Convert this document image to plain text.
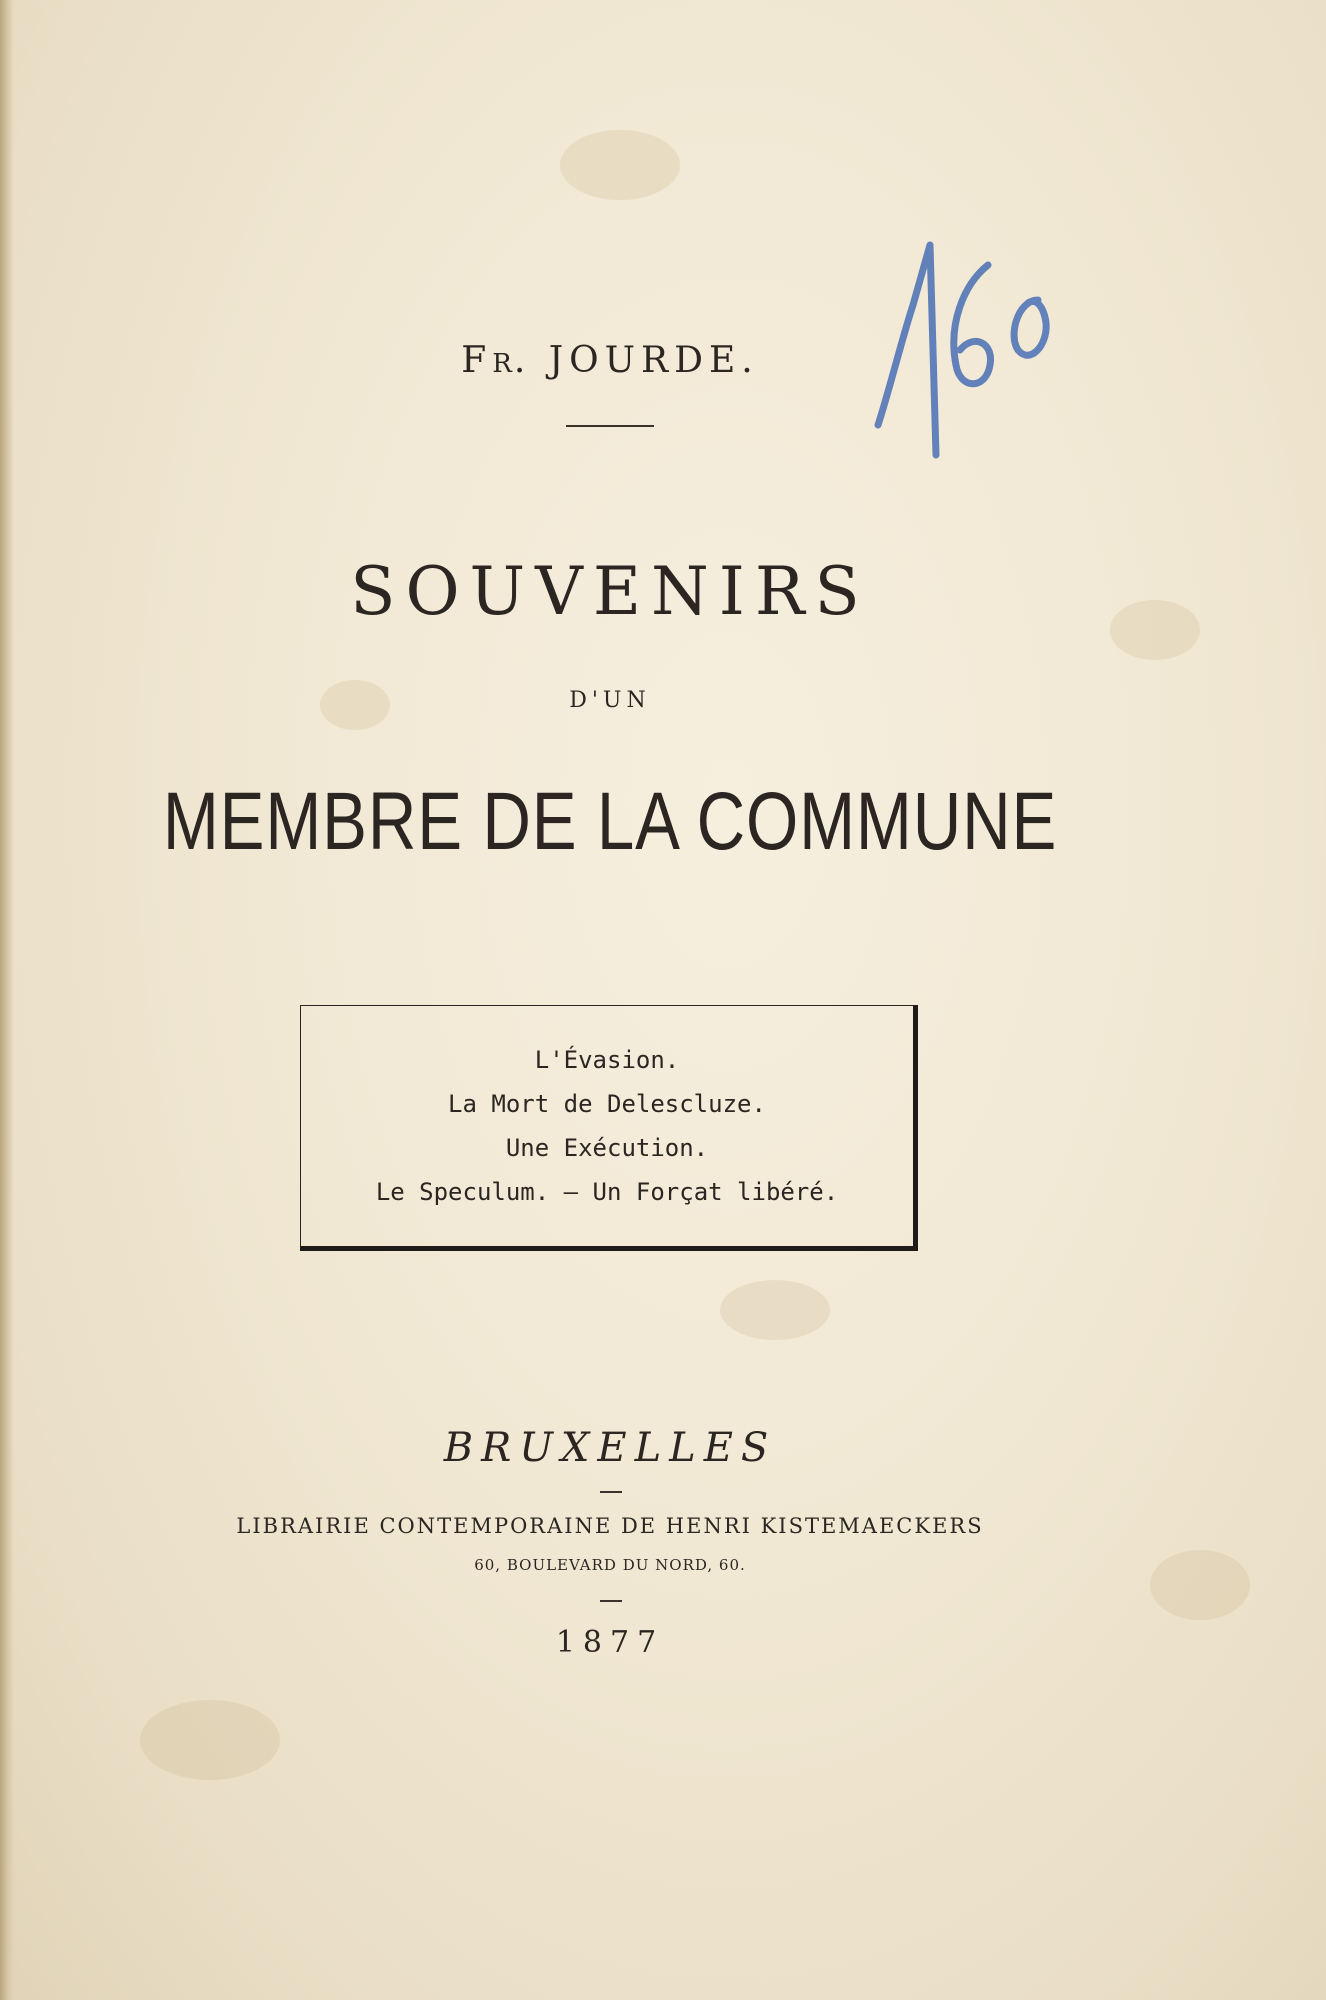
FR. JOURDE.
SOUVENIRS
D'UN
MEMBRE DE LA COMMUNE
L'Évasion.
La Mort de Delescluze.
Une Exécution.
Le Speculum. — Un Forçat libéré.
BRUXELLES
LIBRAIRIE CONTEMPORAINE DE HENRI KISTEMAECKERS
60, BOULEVARD DU NORD, 60.
1877
